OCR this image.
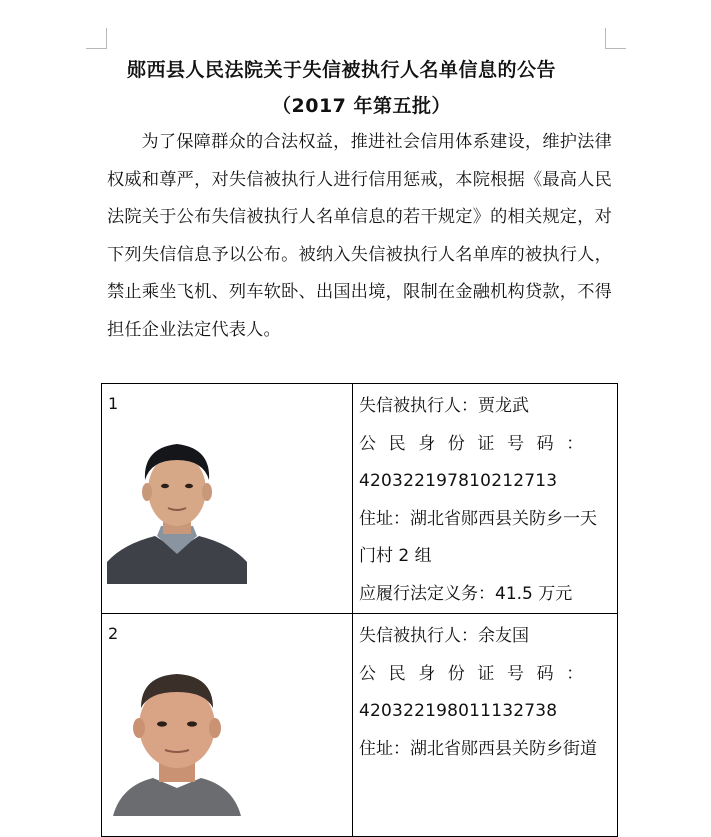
郧西县人民法院关于失信被执行人名单信息的公告
（2017 年第五批）
为了保障群众的合法权益，推进社会信用体系建设，维护法律权威和尊严，对失信被执行人进行信用惩戒，本院根据《最高人民法院关于公布失信被执行人名单信息的若干规定》的相关规定，对下列失信信息予以公布。被纳入失信被执行人名单库的被执行人，禁止乘坐飞机、列车软卧、出国出境，限制在金融机构贷款，不得担任企业法定代表人。
1	失信被执行人：贾龙武
公民身份证号码：
420322197810212713
住址：湖北省郧西县关防乡一天门村 2 组
应履行法定义务：41.5 万元

2	失信被执行人：余友国
公民身份证号码：
420322198011132738
住址：湖北省郧西县关防乡街道
